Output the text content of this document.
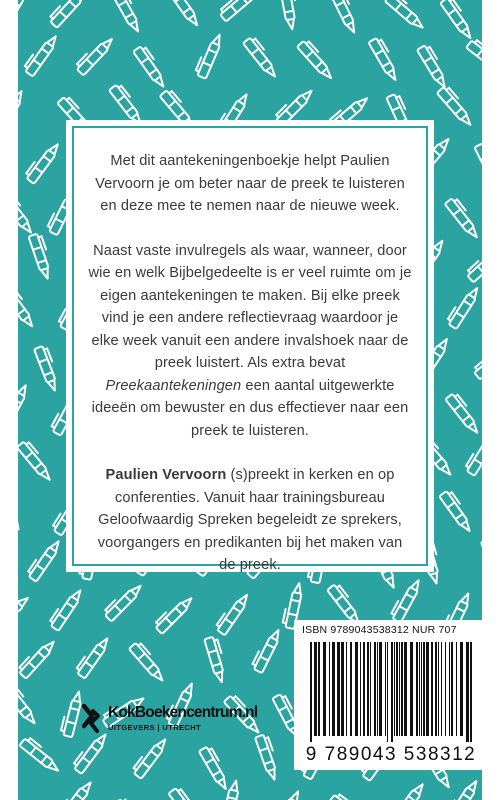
Met dit aantekeningenboekje helpt Paulien Vervoorn je om beter naar de preek te luisteren en deze mee te nemen naar de nieuwe week.

Naast vaste invulregels als waar, wanneer, door wie en welk Bijbelgedeelte is er veel ruimte om je eigen aantekeningen te maken. Bij elke preek vind je een andere reflectievraag waardoor je elke week vanuit een andere invalshoek naar de preek luistert. Als extra bevat Preekaantekeningen een aantal uitgewerkte ideeën om bewuster en dus effectiever naar een preek te luisteren.

Paulien Vervoorn (s)preekt in kerken en op conferenties. Vanuit haar trainingsbureau Geloofwaardig Spreken begeleidt ze sprekers, voorgangers en predikanten bij het maken van de preek.

ISBN 9789043538312 NUR 707
9 789043 538312
KokBoekencentrum.nl
UITGEVERS | UTRECHT
